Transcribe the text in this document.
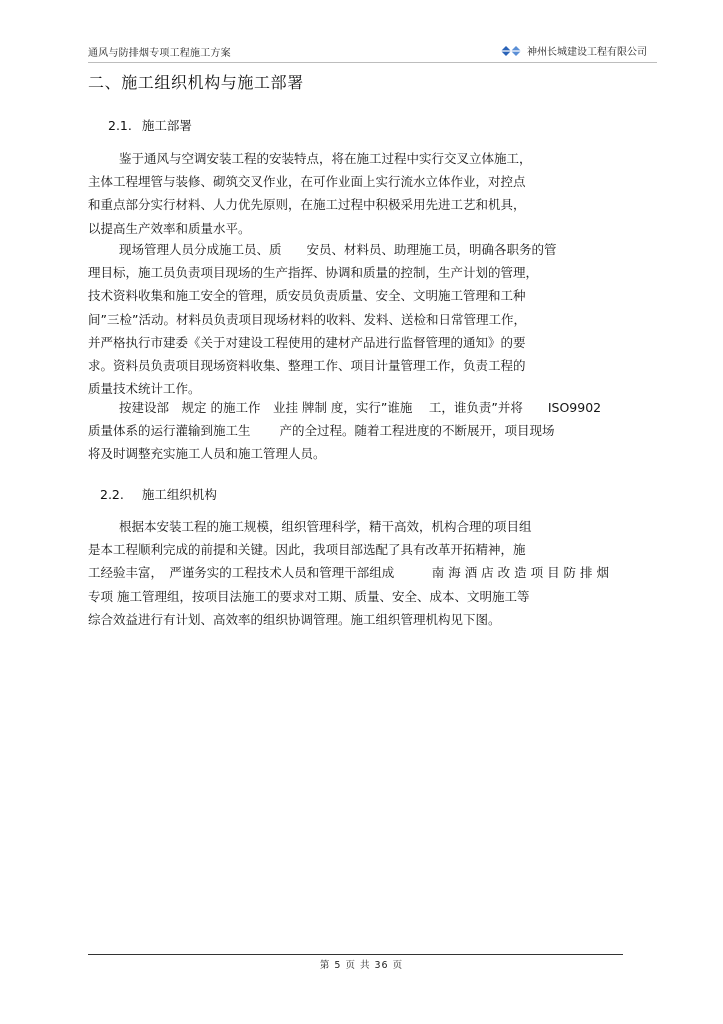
通风与防排烟专项工程施工方案	神州长城建设工程有限公司
二、施工组织机构与施工部署
2.1. 施工部署
鉴于通风与空调安装工程的安装特点，将在施工过程中实行交叉立体施工，
主体工程埋管与装修、砌筑交叉作业，在可作业面上实行流水立体作业，对控点
和重点部分实行材料、人力优先原则，在施工过程中积极采用先进工艺和机具，
以提高生产效率和质量水平。
现场管理人员分成施工员、质　　安员、材料员、助理施工员，明确各职务的管
理目标，施工员负责项目现场的生产指挥、协调和质量的控制，生产计划的管理，
技术资料收集和施工安全的管理，质安员负责质量、安全、文明施工管理和工种
间”三检”活动。材料员负责项目现场材料的收料、发料、送检和日常管理工作，
并严格执行市建委《关于对建设工程使用的建材产品进行监督管理的通知》的要
求。资料员负责项目现场资料收集、整理工作、项目计量管理工作，负责工程的
质量技术统计工作。
按建设部　规定 的施工作　业挂 牌制 度，实行”谁施　 工，谁负责”并将　　ISO9902
质量体系的运行灌输到施工生　　 产的全过程。随着工程进度的不断展开，项目现场
将及时调整充实施工人员和施工管理人员。
2.2. 施工组织机构
根据本安装工程的施工规模，组织管理科学，精干高效，机构合理的项目组
是本工程顺利完成的前提和关键。因此，我项目部选配了具有改革开拓精神，施
工经验丰富，　严谨务实的工程技术人员和管理干部组成　　　南 海 酒 店 改 造 项 目 防 排 烟
专项 施工管理组，按项目法施工的要求对工期、质量、安全、成本、文明施工等
综合效益进行有计划、高效率的组织协调管理。施工组织管理机构见下图。
第 5 页 共 36 页
